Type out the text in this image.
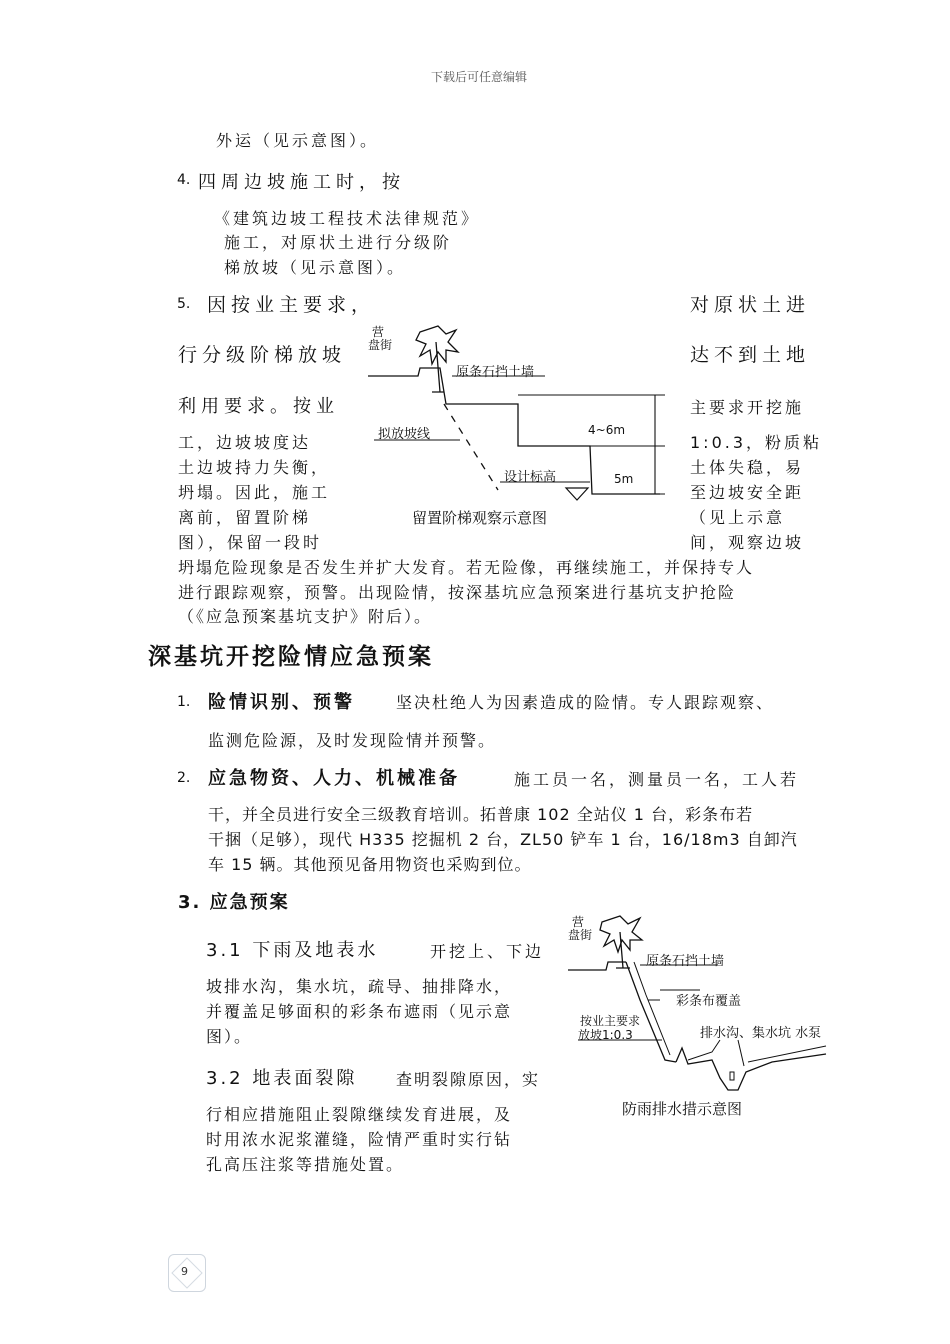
下载后可任意编辑
外运（见示意图）。
4. 四周边坡施工时，按
《建筑边坡工程技术法律规范》
施工，对原状土进行分级阶
梯放坡（见示意图）。
5. 因按业主要求，	对原状土进
行分级阶梯放坡	达不到土地
利用要求。按业	主要求开挖施
工，边坡坡度达	1:0.3，粉质粘
土边坡持力失衡，	土体失稳，易
坍塌。因此，施工	至边坡安全距
离前，留置阶梯	（见上示意
图），保留一段时	间，观察边坡
坍塌危险现象是否发生并扩大发育。若无险像，再继续施工，并保持专人
进行跟踪观察，预警。出现险情，按深基坑应急预案进行基坑支护抢险
（《应急预案基坑支护》附后）。
营
盘街
原条石挡土墙
拟放坡线	4~6m
设计标高	5m
留置阶梯观察示意图
深基坑开挖险情应急预案
1. 险情识别、预警	坚决杜绝人为因素造成的险情。专人跟踪观察、
监测危险源，及时发现险情并预警。
2. 应急物资、人力、机械准备	施工员一名，测量员一名，工人若
干，并全员进行安全三级教育培训。拓普康 102 全站仪 1 台，彩条布若
干捆（足够），现代 H335 挖掘机 2 台，ZL50 铲车 1 台，16/18m3 自卸汽
车 15 辆。其他预见备用物资也采购到位。
3. 应急预案
3.1 下雨及地表水	开挖上、下边
坡排水沟，集水坑，疏导、抽排降水，
并覆盖足够面积的彩条布遮雨（见示意
图）。
3.2 地表面裂隙 查明裂隙原因，实
行相应措施阻止裂隙继续发育进展，及
时用浓水泥浆灌缝，险情严重时实行钻
孔高压注浆等措施处置。
营
盘街
原条石挡土墙
彩条布覆盖
按业主要求
放坡1:0.3	排水沟、集水坑 水泵
防雨排水措示意图
9
